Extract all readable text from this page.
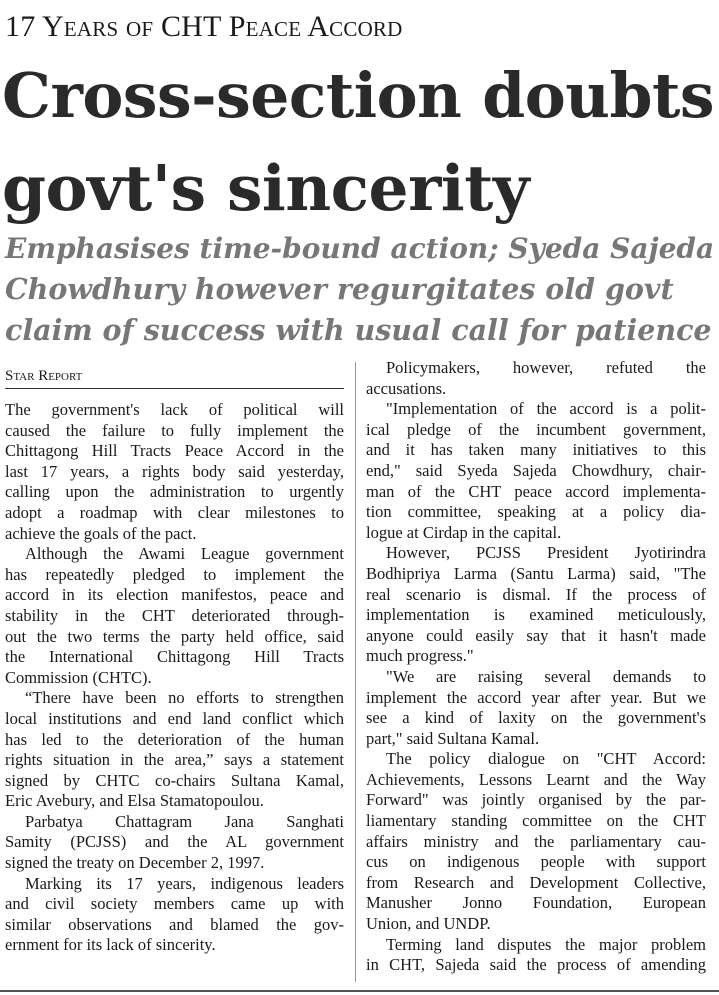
17 Years of CHT Peace Accord
Cross-section doubts
govt's sincerity
Emphasises time-bound action; Syeda Sajeda
Chowdhury however regurgitates old govt
claim of success with usual call for patience
Star Report
The government's lack of political will
caused the failure to fully implement the
Chittagong Hill Tracts Peace Accord in the
last 17 years, a rights body said yesterday,
calling upon the administration to urgently
adopt a roadmap with clear milestones to
achieve the goals of the pact.
Although the Awami League government
has repeatedly pledged to implement the
accord in its election manifestos, peace and
stability in the CHT deteriorated through-
out the two terms the party held office, said
the International Chittagong Hill Tracts
Commission (CHTC).
“There have been no efforts to strengthen
local institutions and end land conflict which
has led to the deterioration of the human
rights situation in the area,” says a statement
signed by CHTC co-chairs Sultana Kamal,
Eric Avebury, and Elsa Stamatopoulou.
Parbatya Chattagram Jana Sanghati
Samity (PCJSS) and the AL government
signed the treaty on December 2, 1997.
Marking its 17 years, indigenous leaders
and civil society members came up with
similar observations and blamed the gov-
ernment for its lack of sincerity.
Policymakers, however, refuted the
accusations.
"Implementation of the accord is a polit-
ical pledge of the incumbent government,
and it has taken many initiatives to this
end," said Syeda Sajeda Chowdhury, chair-
man of the CHT peace accord implementa-
tion committee, speaking at a policy dia-
logue at Cirdap in the capital.
However, PCJSS President Jyotirindra
Bodhipriya Larma (Santu Larma) said, "The
real scenario is dismal. If the process of
implementation is examined meticulously,
anyone could easily say that it hasn't made
much progress."
"We are raising several demands to
implement the accord year after year. But we
see a kind of laxity on the government's
part," said Sultana Kamal.
The policy dialogue on "CHT Accord:
Achievements, Lessons Learnt and the Way
Forward" was jointly organised by the par-
liamentary standing committee on the CHT
affairs ministry and the parliamentary cau-
cus on indigenous people with support
from Research and Development Collective,
Manusher Jonno Foundation, European
Union, and UNDP.
Terming land disputes the major problem
in CHT, Sajeda said the process of amending
